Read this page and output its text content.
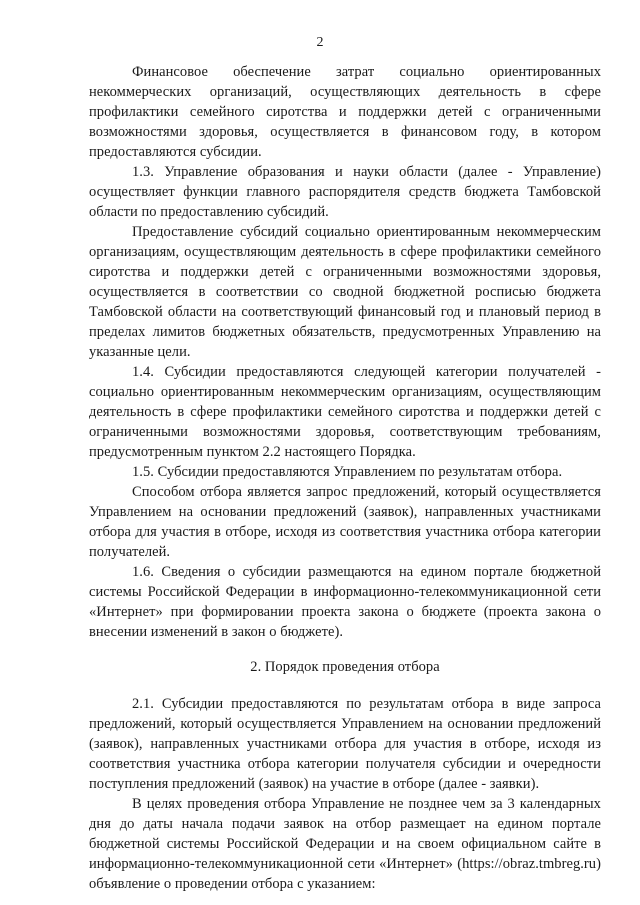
2

Финансовое обеспечение затрат социально ориентированных некоммерческих организаций, осуществляющих деятельность в сфере профилактики семейного сиротства и поддержки детей с ограниченными возможностями здоровья, осуществляется в финансовом году, в котором предоставляются субсидии.

1.3. Управление образования и науки области (далее - Управление) осуществляет функции главного распорядителя средств бюджета Тамбовской области по предоставлению субсидий.

Предоставление субсидий социально ориентированным некоммерческим организациям, осуществляющим деятельность в сфере профилактики семейного сиротства и поддержки детей с ограниченными возможностями здоровья, осуществляется в соответствии со сводной бюджетной росписью бюджета Тамбовской области на соответствующий финансовый год и плановый период в пределах лимитов бюджетных обязательств, предусмотренных Управлению на указанные цели.

1.4. Субсидии предоставляются следующей категории получателей - социально ориентированным некоммерческим организациям, осуществляющим деятельность в сфере профилактики семейного сиротства и поддержки детей с ограниченными возможностями здоровья, соответствующим требованиям, предусмотренным пунктом 2.2 настоящего Порядка.

1.5. Субсидии предоставляются Управлением по результатам отбора.

Способом отбора является запрос предложений, который осуществляется Управлением на основании предложений (заявок), направленных участниками отбора для участия в отборе, исходя из соответствия участника отбора категории получателей.

1.6. Сведения о субсидии размещаются на едином портале бюджетной системы Российской Федерации в информационно-телекоммуникационной сети «Интернет» при формировании проекта закона о бюджете (проекта закона о внесении изменений в закон о бюджете).

2. Порядок проведения отбора

2.1. Субсидии предоставляются по результатам отбора в виде запроса предложений, который осуществляется Управлением на основании предложений (заявок), направленных участниками отбора для участия в отборе, исходя из соответствия участника отбора категории получателя субсидии и очередности поступления предложений (заявок) на участие в отборе (далее - заявки).

В целях проведения отбора Управление не позднее чем за 3 календарных дня до даты начала подачи заявок на отбор размещает на едином портале бюджетной системы Российской Федерации и на своем официальном сайте в информационно-телекоммуникационной сети «Интернет» (https://obraz.tmbreg.ru) объявление о проведении отбора с указанием:
